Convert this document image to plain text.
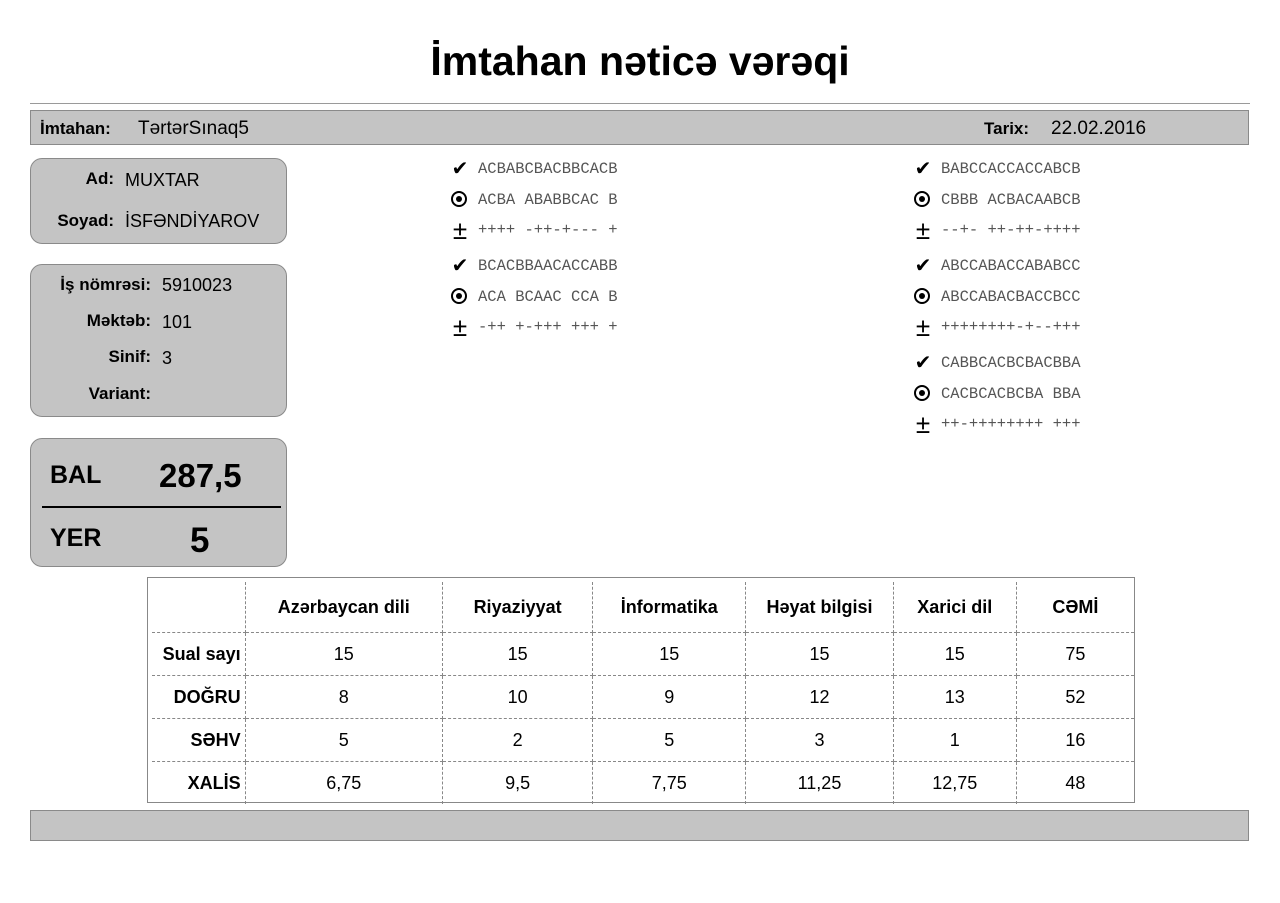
İmtahan nəticə vərəqi
İmtahan: TərtərSınaq5	Tarix: 22.02.2016
Ad: MUXTAR
Soyad: İSFƏNDİYAROV
İş nömrəsi: 5910023
Məktəb: 101
Sinif: 3
Variant:
BAL 287,5
YER	5
✔ ACBABCBACBBCACB
ACBA ABABBCAC B
± ++++ -++-+--- +
✔ BCACBBAACACCABB
ACA BCAAC CCA B
± -++ +-+++ +++ +
✔ BABCCACCACCABCB
CBBB ACBACAABCB
± --+- ++-++-++++
✔ ABCCABACCABABCC
ABCCABACBACCBCC
± ++++++++-+--+++
✔ CABBCACBCBACBBA
CACBCACBCBA BBA
± ++-++++++++ +++
	Azərbaycan dili	Riyaziyyat	İnformatika	Həyat bilgisi	Xarici dil	CƏMİ
Sual sayı	15	15	15	15	15	75
DOĞRU	8	10	9	12	13	52
SƏHV	5	2	5	3	1	16
XALİS	6,75	9,5	7,75	11,25	12,75	48
